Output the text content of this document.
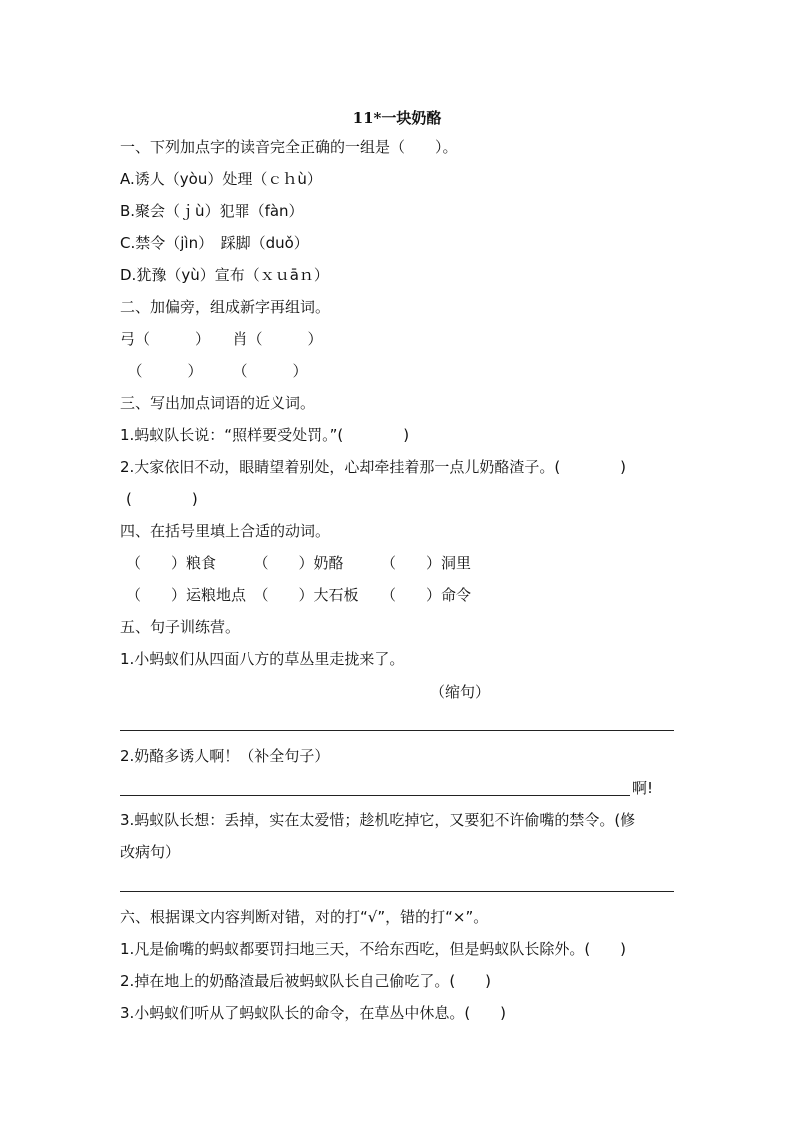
11*一块奶酪
一、下列加点字的读音完全正确的一组是（　　）。
A.诱人（yòu）处理（ｃｈù）
B.聚会（ｊù）犯罪（fàn）
C.禁令（jìn）　踩脚（duǒ）
D.犹豫（yù）宣布（ｘｕāｎ）
二、加偏旁，组成新字再组词。
弓（　　　）　　肖（　　　）
　（　　　）　　　（　　　）
三、写出加点词语的近义词。
1.蚂蚁队长说：“照样要受处罚。”(　　　　)
2.大家依旧不动，眼睛望着别处，心却牵挂着那一点儿奶酪渣子。(　　　　)
(　　　　)
四、在括号里填上合适的动词。
（　　）粮食　　　（　　）奶酪　　　（　　）洞里
（　　）运粮地点　（　　）大石板　　（　　）命令
五、句子训练营。
1.小蚂蚁们从四面八方的草丛里走拢来了。
（缩句）
2.奶酪多诱人啊！（补全句子）
啊!
3.蚂蚁队长想：丢掉，实在太爱惜；趁机吃掉它，又要犯不许偷嘴的禁令。(修
改病句）
六、根据课文内容判断对错，对的打“√”，错的打“×”。
1.凡是偷嘴的蚂蚁都要罚扫地三天，不给东西吃，但是蚂蚁队长除外。(　　)
2.掉在地上的奶酪渣最后被蚂蚁队长自己偷吃了。(　　)
3.小蚂蚁们听从了蚂蚁队长的命令，在草丛中休息。(　　)
